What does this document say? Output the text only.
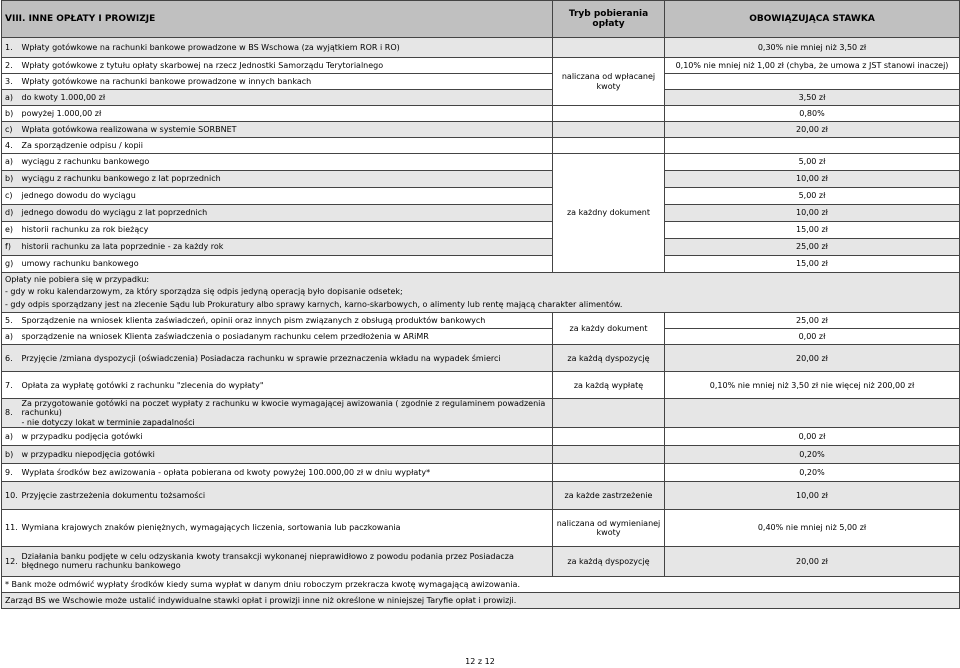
VIII. INNE OPŁATY I PROWIZJE		Tryb pobierania opłaty	OBOWIĄZUJĄCA STAWKA
1.	Wpłaty gotówkowe na rachunki bankowe prowadzone w BS Wschowa (za wyjątkiem ROR i RO)		0,30% nie mniej niż 3,50 zł
2.	Wpłaty gotówkowe z tytułu opłaty skarbowej na rzecz Jednostki Samorządu Terytorialnego	naliczana od wpłacanej kwoty	0,10% nie mniej niż 1,00 zł (chyba, że umowa z JST stanowi inaczej)
3.	Wpłaty gotówkowe na rachunki bankowe prowadzone w innych bankach		
a)	do kwoty 1.000,00 zł		3,50 zł
b)	powyżej 1.000,00 zł		0,80%
c)	Wpłata gotówkowa realizowana w systemie SORBNET		20,00 zł
4.	Za sporządzenie odpisu / kopii		
a)	wyciągu z rachunku bankowego	za każdny dokument	5,00 zł
b)	wyciągu z rachunku bankowego z lat poprzednich		10,00 zł
c)	jednego dowodu do wyciągu		5,00 zł
d)	jednego dowodu do wyciągu z lat poprzednich		10,00 zł
e)	historii rachunku za rok bieżący		15,00 zł
f)	historii rachunku za lata poprzednie - za każdy rok		25,00 zł
g)	umowy rachunku bankowego		15,00 zł

Opłaty nie pobiera się w przypadku:
- gdy w roku kalendarzowym, za który sporządza się odpis jedyną operacją było dopisanie odsetek;
- gdy odpis sporządzany jest na zlecenie Sądu lub Prokuratury albo sprawy karnych, karno-skarbowych, o alimenty lub rentę mającą charakter alimentów.			

5.	Sporządzenie na wniosek klienta zaświadczeń, opinii oraz innych pism związanych z obsługą produktów bankowych	za każdy dokument	25,00 zł
a)	sporządzenie na wniosek Klienta zaświadczenia o posiadanym rachunku celem przedłożenia w ARiMR		0,00 zł
6.	Przyjęcie /zmiana dyspozycji (oświadczenia) Posiadacza rachunku w sprawie przeznaczenia wkładu na wypadek śmierci	za każdą dyspozycję	20,00 zł
7.	Opłata za wypłatę gotówki z rachunku "zlecenia do wypłaty"	za każdą wypłatę	0,10% nie mniej niż 3,50 zł nie więcej niż 200,00 zł
8.	Za przygotowanie gotówki na poczet wypłaty z rachunku w kwocie wymagającej awizowania ( zgodnie z regulaminem powadzenia rachunku)
- nie dotyczy lokat w terminie zapadalności		

a)	w przypadku podjęcia gotówki		0,00 zł
b)	w przypadku niepodjęcia gotówki		0,20%
9.	Wypłata środków bez awizowania - opłata pobierana od kwoty powyżej 100.000,00 zł w dniu wypłaty*		0,20%
10.	Przyjęcie zastrzeżenia dokumentu tożsamości	za każde zastrzeżenie	10,00 zł
11.	Wymiana krajowych znaków pieniężnych, wymagających liczenia, sortowania lub paczkowania	naliczana od wymienianej kwoty	0,40% nie mniej niż 5,00 zł
12.	Działania banku podjęte w celu odzyskania kwoty transakcji wykonanej nieprawidłowo z powodu podania przez Posiadacza błędnego numeru rachunku bankowego	za każdą dyspozycję	20,00 zł
* Bank może odmówić wypłaty środków kiedy suma wypłat w danym dniu roboczym przekracza kwotę wymagającą awizowania.			
Zarząd BS we Wschowie może ustalić indywidualne stawki opłat i prowizji inne niż określone w niniejszej Taryfie opłat i prowizji.			
12 z 12
